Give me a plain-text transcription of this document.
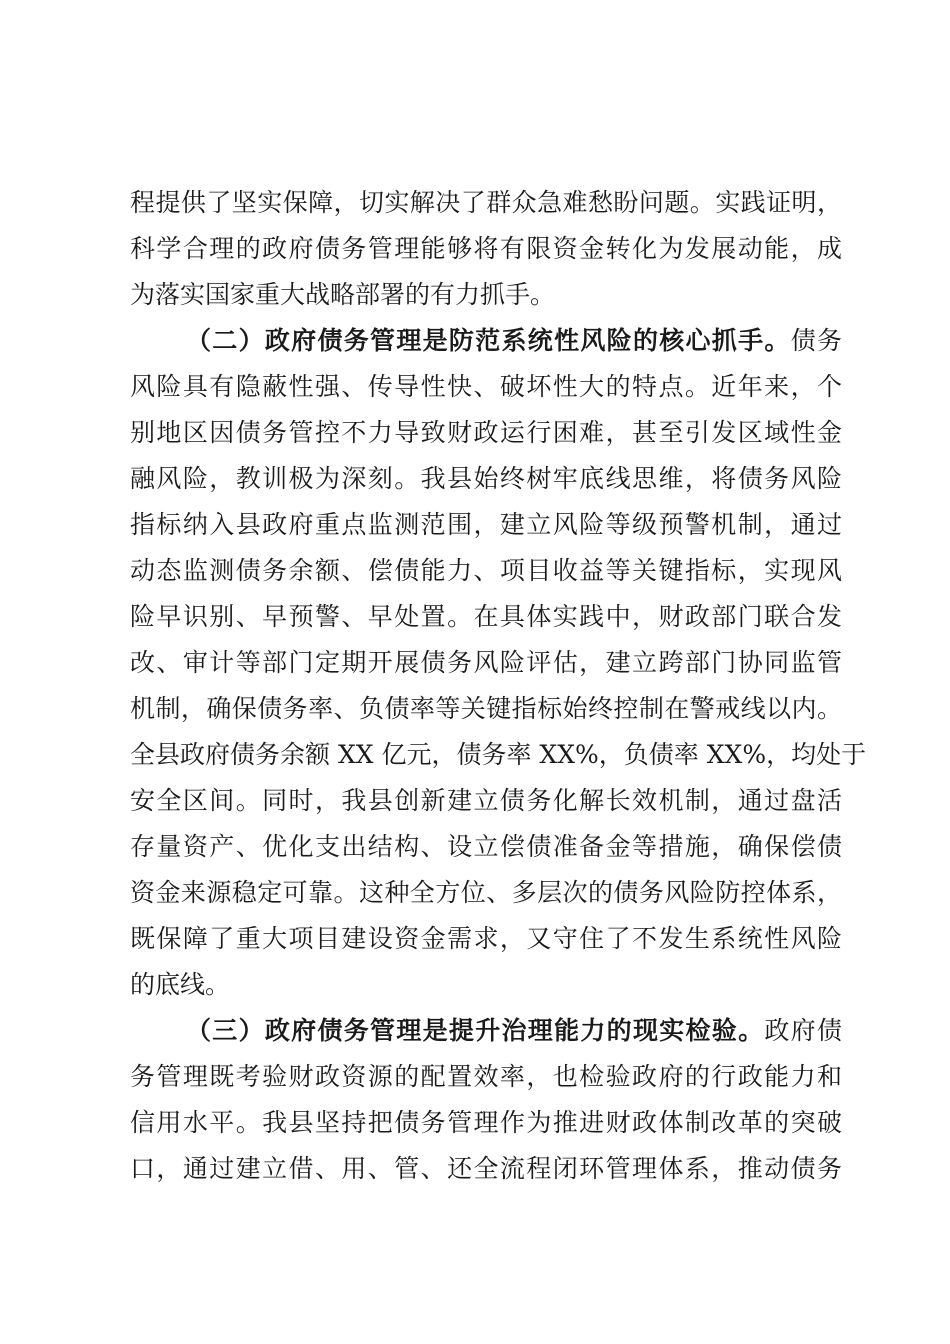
程提供了坚实保障，切实解决了群众急难愁盼问题。实践证明，
科学合理的政府债务管理能够将有限资金转化为发展动能，成
为落实国家重大战略部署的有力抓手。
（二）政府债务管理是防范系统性风险的核心抓手。债务
风险具有隐蔽性强、传导性快、破坏性大的特点。近年来，个
别地区因债务管控不力导致财政运行困难，甚至引发区域性金
融风险，教训极为深刻。我县始终树牢底线思维，将债务风险
指标纳入县政府重点监测范围，建立风险等级预警机制，通过
动态监测债务余额、偿债能力、项目收益等关键指标，实现风
险早识别、早预警、早处置。在具体实践中，财政部门联合发
改、审计等部门定期开展债务风险评估，建立跨部门协同监管
机制，确保债务率、负债率等关键指标始终控制在警戒线以内。
全县政府债务余额 XX 亿元，债务率 XX%，负债率 XX%，均处于
安全区间。同时，我县创新建立债务化解长效机制，通过盘活
存量资产、优化支出结构、设立偿债准备金等措施，确保偿债
资金来源稳定可靠。这种全方位、多层次的债务风险防控体系，
既保障了重大项目建设资金需求，又守住了不发生系统性风险
的底线。
（三）政府债务管理是提升治理能力的现实检验。政府债
务管理既考验财政资源的配置效率，也检验政府的行政能力和
信用水平。我县坚持把债务管理作为推进财政体制改革的突破
口，通过建立借、用、管、还全流程闭环管理体系，推动债务
